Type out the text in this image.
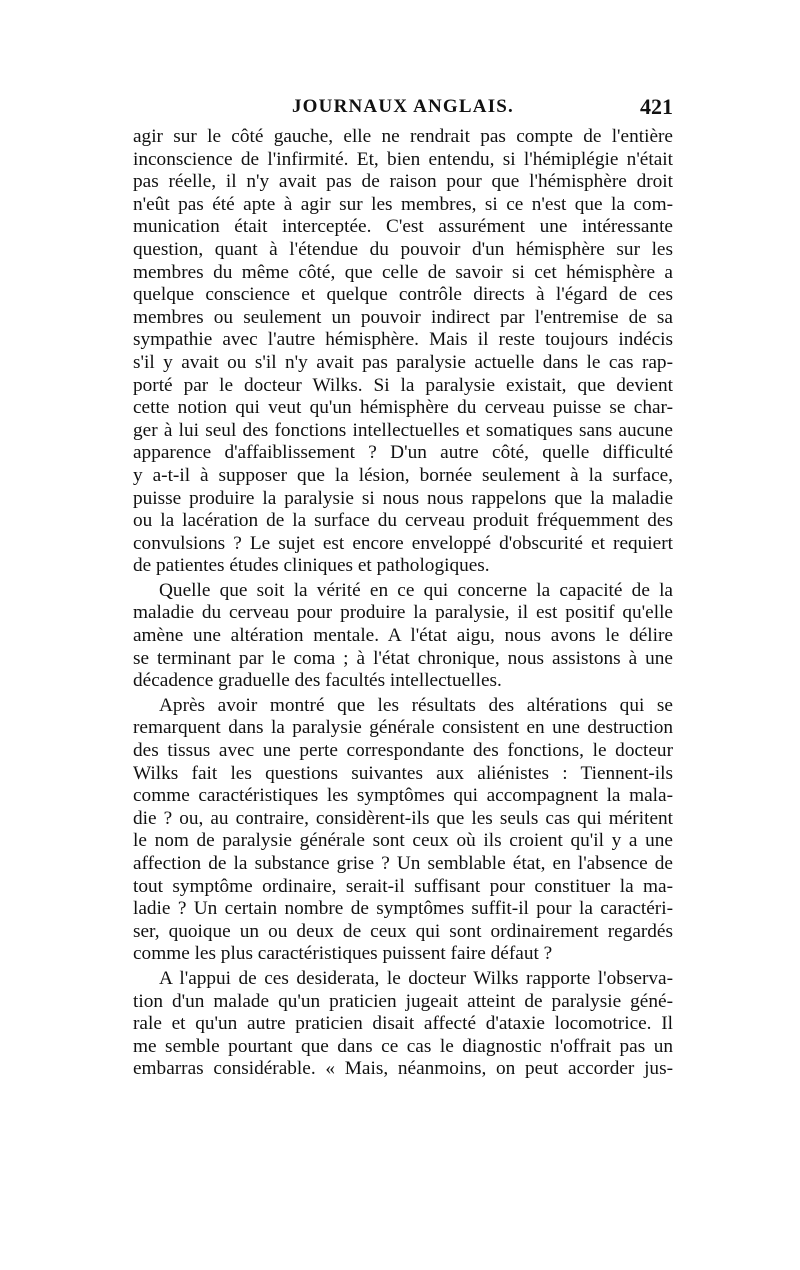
JOURNAUX ANGLAIS.	421
agir sur le côté gauche, elle ne rendrait pas compte de l'entière
inconscience de l'infirmité. Et, bien entendu, si l'hémiplégie n'était
pas réelle, il n'y avait pas de raison pour que l'hémisphère droit
n'eût pas été apte à agir sur les membres, si ce n'est que la com-
munication était interceptée. C'est assurément une intéressante
question, quant à l'étendue du pouvoir d'un hémisphère sur les
membres du même côté, que celle de savoir si cet hémisphère a
quelque conscience et quelque contrôle directs à l'égard de ces
membres ou seulement un pouvoir indirect par l'entremise de sa
sympathie avec l'autre hémisphère. Mais il reste toujours indécis
s'il y avait ou s'il n'y avait pas paralysie actuelle dans le cas rap-
porté par le docteur Wilks. Si la paralysie existait, que devient
cette notion qui veut qu'un hémisphère du cerveau puisse se char-
ger à lui seul des fonctions intellectuelles et somatiques sans aucune
apparence d'affaiblissement ? D'un autre côté, quelle difficulté
y a-t-il à supposer que la lésion, bornée seulement à la surface,
puisse produire la paralysie si nous nous rappelons que la maladie
ou la lacération de la surface du cerveau produit fréquemment des
convulsions ? Le sujet est encore enveloppé d'obscurité et requiert
de patientes études cliniques et pathologiques.
Quelle que soit la vérité en ce qui concerne la capacité de la
maladie du cerveau pour produire la paralysie, il est positif qu'elle
amène une altération mentale. A l'état aigu, nous avons le délire
se terminant par le coma ; à l'état chronique, nous assistons à une
décadence graduelle des facultés intellectuelles.
Après avoir montré que les résultats des altérations qui se
remarquent dans la paralysie générale consistent en une destruction
des tissus avec une perte correspondante des fonctions, le docteur
Wilks fait les questions suivantes aux aliénistes : Tiennent-ils
comme caractéristiques les symptômes qui accompagnent la mala-
die ? ou, au contraire, considèrent-ils que les seuls cas qui méritent
le nom de paralysie générale sont ceux où ils croient qu'il y a une
affection de la substance grise ? Un semblable état, en l'absence de
tout symptôme ordinaire, serait-il suffisant pour constituer la ma-
ladie ? Un certain nombre de symptômes suffit-il pour la caractéri-
ser, quoique un ou deux de ceux qui sont ordinairement regardés
comme les plus caractéristiques puissent faire défaut ?
A l'appui de ces desiderata, le docteur Wilks rapporte l'observa-
tion d'un malade qu'un praticien jugeait atteint de paralysie géné-
rale et qu'un autre praticien disait affecté d'ataxie locomotrice. Il
me semble pourtant que dans ce cas le diagnostic n'offrait pas un
embarras considérable. « Mais, néanmoins, on peut accorder jus-
